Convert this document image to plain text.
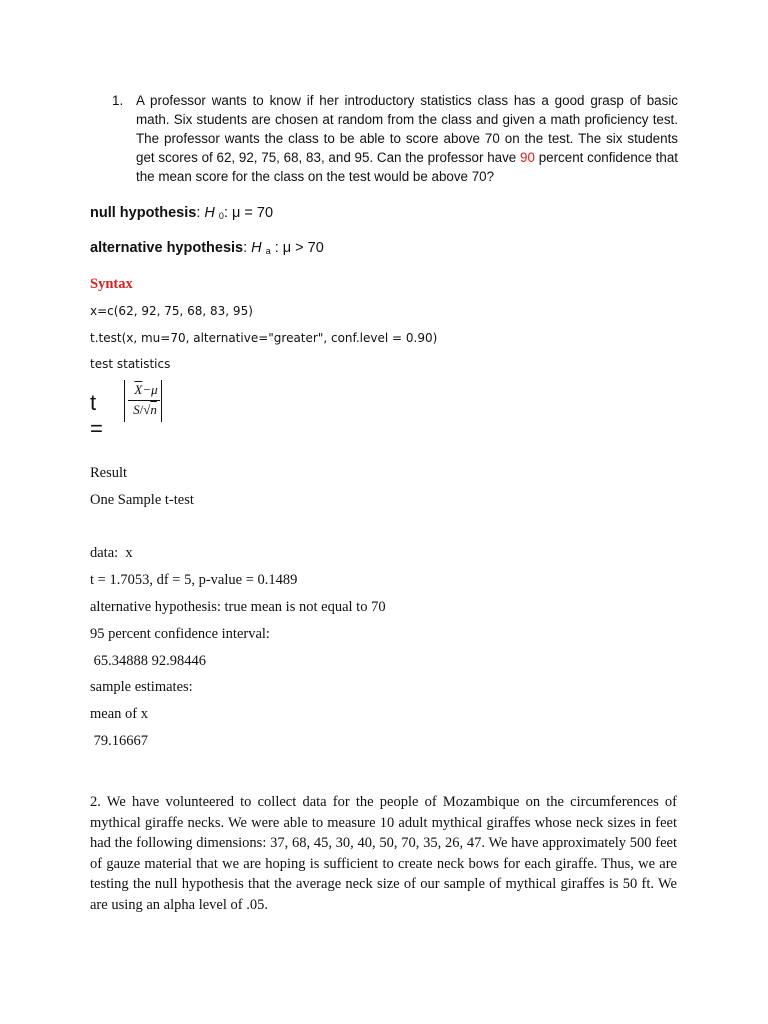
1. A professor wants to know if her introductory statistics class has a good grasp of basic math. Six students are chosen at random from the class and given a math proficiency test. The professor wants the class to be able to score above 70 on the test. The six students get scores of 62, 92, 75, 68, 83, and 95. Can the professor have 90 percent confidence that the mean score for the class on the test would be above 70?
null hypothesis: H $_0$: μ = 70
alternative hypothesis: H $_a$ : μ > 70
Syntax
x=c(62, 92, 75, 68, 83, 95)
t.test(x, mu=70, alternative="greater", conf.level = 0.90)
test statistics
t =
$\overline{X}-\mu$
S/√n
Result
One Sample t-test
data:  x
t = 1.7053, df = 5, p-value = 0.1489
alternative hypothesis: true mean is not equal to 70
95 percent confidence interval:
65.34888 92.98446
sample estimates:
mean of x
79.16667
2. We have volunteered to collect data for the people of Mozambique on the circumferences of mythical giraffe necks. We were able to measure 10 adult mythical giraffes whose neck sizes in feet had the following dimensions: 37, 68, 45, 30, 40, 50, 70, 35, 26, 47. We have approximately 500 feet of gauze material that we are hoping is sufficient to create neck bows for each giraffe. Thus, we are testing the null hypothesis that the average neck size of our sample of mythical giraffes is 50 ft. We are using an alpha level of .05.
